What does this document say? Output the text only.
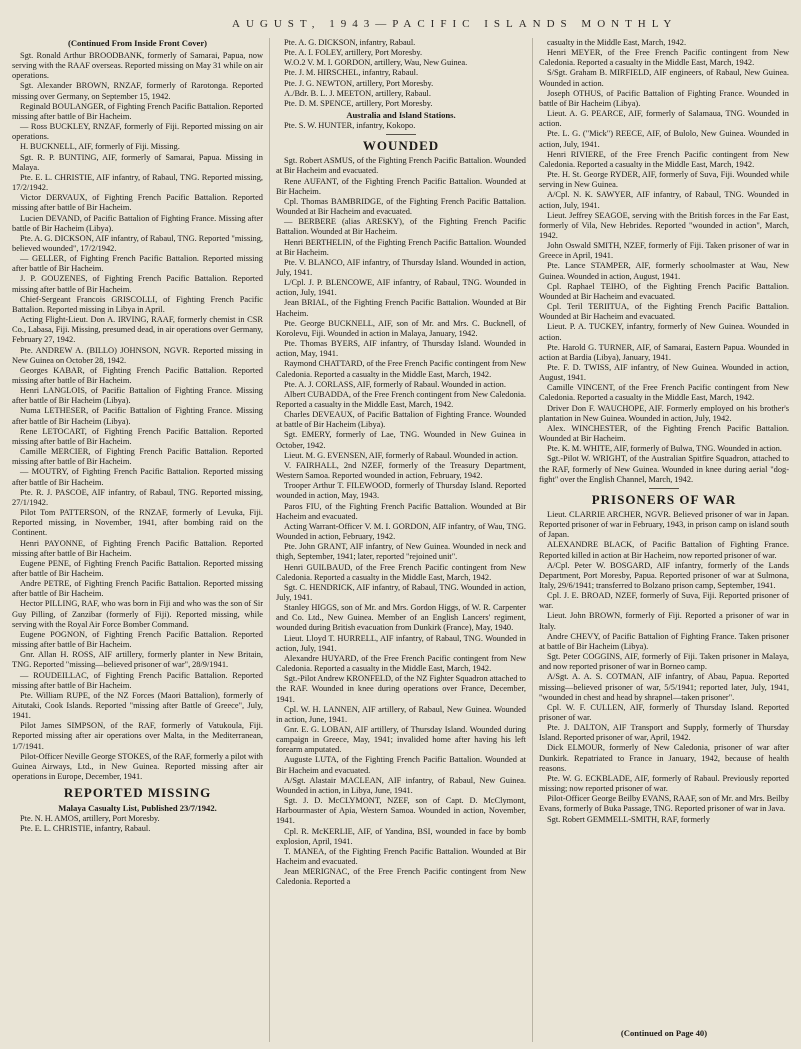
AUGUST, 1943—PACIFIC ISLANDS MONTHLY
(Continued From Inside Front Cover)

Sgt. Ronald Arthur BROODBANK, formerly of Samarai, Papua, now serving with the RAAF overseas. Reported missing on May 31 while on air operations.

Sgt. Alexander BROWN, RNZAF, formerly of Rarotonga. Reported missing over Germany, on September 15, 1942.

Reginald BOULANGER, of Fighting French Pacific Battalion. Reported missing after battle of Bir Hacheim.

— Ross BUCKLEY, RNZAF, formerly of Fiji. Reported missing on air operations.

H. BUCKNELL, AIF, formerly of Fiji. Missing.

Sgt. R. P. BUNTING, AIF, formerly of Samarai, Papua. Missing in Malaya.

Pte. E. L. CHRISTIE, AIF infantry, of Rabaul, TNG. Reported missing, 17/2/1942.

Victor DERVAUX, of Fighting French Pacific Battalion. Reported missing after battle of Bir Hacheim.

Lucien DEVAND, of Pacific Battalion of Fighting France. Missing after battle of Bir Hacheim (Libya).

Pte. A. G. DICKSON, AIF infantry, of Rabaul, TNG. Reported "missing, believed wounded", 17/2/1942.

— GELLER, of Fighting French Pacific Battalion. Reported missing after battle of Bir Hacheim.

J. P. GOUZENES, of Fighting French Pacific Battalion. Reported missing after battle of Bir Hacheim.

Chief-Sergeant Francois GRISCOLLI, of Fighting French Pacific Battalion. Reported missing in Libya in April.

Acting Flight-Lieut. Don A. IRVING, RAAF, formerly chemist in CSR Co., Labasa, Fiji. Missing, presumed dead, in air operations over Germany, February 27, 1942.

Pte. ANDREW A. (BILLO) JOHNSON, NGVR. Reported missing in New Guinea on October 28, 1942.

Georges KABAR, of Fighting French Pacific Battalion. Reported missing after battle of Bir Hacheim.

Henri LANGLOIS, of Pacific Battalion of Fighting France. Missing after battle of Bir Hacheim (Libya).

Numa LETHESER, of Pacific Battalion of Fighting France. Missing after battle of Bir Hacheim (Libya).

Rene LETOCART, of Fighting French Pacific Battalion. Reported missing after battle of Bir Hacheim.

Camille MERCIER, of Fighting French Pacific Battalion. Reported missing after battle of Bir Hacheim.

— MOUTRY, of Fighting French Pacific Battalion. Reported missing after battle of Bir Hacheim.

Pte. R. J. PASCOE, AIF infantry, of Rabaul, TNG. Reported missing, 27/1/1942.

Pilot Tom PATTERSON, of the RNZAF, formerly of Levuka, Fiji. Reported missing, in November, 1941, after bombing raid on the Continent.

Henri PAYONNE, of Fighting French Pacific Battalion. Reported missing after battle of Bir Hacheim.

Eugene PENE, of Fighting French Pacific Battalion. Reported missing after battle of Bir Hacheim.

Andre PETRE, of Fighting French Pacific Battalion. Reported missing after battle of Bir Hacheim.

Hector PILLING, RAF, who was born in Fiji and who was the son of Sir Guy Pilling, of Zanzibar (formerly of Fiji). Reported missing, while serving with the Royal Air Force Bomber Command.

Eugene POGNON, of Fighting French Pacific Battalion. Reported missing after battle of Bir Hacheim.

Gnr. Allan H. ROSS, AIF artillery, formerly planter in New Britain, TNG. Reported "missing—believed prisoner of war", 28/9/1941.

— ROUDEILLAC, of Fighting French Pacific Battalion. Reported missing after battle of Bir Hacheim.

Pte. William RUPE, of the NZ Forces (Maori Battalion), formerly of Aitutaki, Cook Islands. Reported "missing after Battle of Greece", July, 1941.

Pilot James SIMPSON, of the RAF, formerly of Vatukoula, Fiji. Reported missing after air operations over Malta, in the Mediterranean, 1/7/1941.

Pilot-Officer Neville George STOKES, of the RAF, formerly a pilot with Guinea Airways, Ltd., in New Guinea. Reported missing after air operations in Europe, December, 1941.

REPORTED MISSING
Malaya Casualty List, Published 23/7/1942.

Pte. N. H. AMOS, artillery, Port Moresby.

Pte. E. L. CHRISTIE, infantry, Rabaul.

Pte. A. G. DICKSON, infantry, Rabaul.

Pte. A. I. FOLEY, artillery, Port Moresby.

W.O.2 V. M. I. GORDON, artillery, Wau, New Guinea.

Pte. J. M. HIRSCHEL, infantry, Rabaul.

Pte. J. G. NEWTON, artillery, Port Moresby.

A./Bdr. B. L. J. MEETON, artillery, Rabaul.

Pte. D. M. SPENCE, artillery, Port Moresby.

Australia and Island Stations.

Pte. S. W. HUNTER, infantry, Kokopo.

WOUNDED

Sgt. Robert ASMUS, of the Fighting French Pacific Battalion. Wounded at Bir Hacheim and evacuated.

Rene AUFANT, of the Fighting French Pacific Battalion. Wounded at Bir Hacheim.

Cpl. Thomas BAMBRIDGE, of the Fighting French Pacific Battalion. Wounded at Bir Hacheim and evacuated.

— BERBERE (alias ARESKY), of the Fighting French Pacific Battalion. Wounded at Bir Hacheim.

Henri BERTHELIN, of the Fighting French Pacific Battalion. Wounded at Bir Hacheim.

Pte. V. BLANCO, AIF infantry, of Thursday Island. Wounded in action, July, 1941.

L/Cpl. J. P. BLENCOWE, AIF infantry, of Rabaul, TNG. Wounded in action, July, 1941.

Jean BRIAL, of the Fighting French Pacific Battalion. Wounded at Bir Hacheim.

Pte. George BUCKNELL, AIF, son of Mr. and Mrs. C. Bucknell, of Korolevu, Fiji. Wounded in action in Malaya, January, 1942.

Pte. Thomas BYERS, AIF infantry, of Thursday Island. Wounded in action, May, 1941.

Raymond CHATTARD, of the Free French Pacific contingent from New Caledonia. Reported a casualty in the Middle East, March, 1942.

Pte. A. J. CORLASS, AIF, formerly of Rabaul. Wounded in action.

Albert CUBADDA, of the Free French contingent from New Caledonia. Reported a casualty in the Middle East, March, 1942.

Charles DEVEAUX, of Pacific Battalion of Fighting France. Wounded at battle of Bir Hacheim (Libya).

Sgt. EMERY, formerly of Lae, TNG. Wounded in New Guinea in October, 1942.

Lieut. M. G. EVENSEN, AIF, formerly of Rabaul. Wounded in action.

V. FAIRHALL, 2nd NZEF, formerly of the Treasury Department, Western Samoa. Reported wounded in action, February, 1942.

Trooper Arthur T. FILEWOOD, formerly of Thursday Island. Reported wounded in action, May, 1943.

Paros FIU, of the Fighting French Pacific Battalion. Wounded at Bir Hacheim and evacuated.

Acting Warrant-Officer V. M. I. GORDON, AIF infantry, of Wau, TNG. Wounded in action, February, 1942.

Pte. John GRANT, AIF infantry, of New Guinea. Wounded in neck and thigh, September, 1941; later, reported "rejoined unit".

Henri GUILBAUD, of the Free French Pacific contingent from New Caledonia. Reported a casualty in the Middle East, March, 1942.

Sgt. C. HENDRICK, AIF infantry, of Rabaul, TNG. Wounded in action, July, 1941.

Stanley HIGGS, son of Mr. and Mrs. Gordon Higgs, of W. R. Carpenter and Co. Ltd., New Guinea. Member of an English Lancers' regiment, wounded during British evacuation from Dunkirk (France), May, 1940.

Lieut. Lloyd T. HURRELL, AIF infantry, of Rabaul, TNG. Wounded in action, July, 1941.

Alexandre HUYARD, of the Free French Pacific contingent from New Caledonia. Reported a casualty in the Middle East, March, 1942.

Sgt.-Pilot Andrew KRONFELD, of the NZ Fighter Squadron attached to the RAF. Wounded in knee during operations over France, December, 1941.

Cpl. W. H. LANNEN, AIF artillery, of Rabaul, New Guinea. Wounded in action, June, 1941.

Gnr. E. G. LOBAN, AIF artillery, of Thursday Island. Wounded during campaign in Greece, May, 1941; invalided home after having his left forearm amputated.

Auguste LUTA, of the Fighting French Pacific Battalion. Wounded at Bir Hacheim and evacuated.

A/Sgt. Alastair MACLEAN, AIF infantry, of Rabaul, New Guinea. Wounded in action, in Libya, June, 1941.

Sgt. J. D. McCLYMONT, NZEF, son of Capt. D. McClymont, Harbourmaster of Apia, Western Samoa. Wounded in action, November, 1941.

Cpl. R. McKERLIE, AIF, of Yandina, BSI, wounded in face by bomb explosion, April, 1941.

T. MANEA, of the Fighting French Pacific Battalion. Wounded at Bir Hacheim and evacuated.

Jean MERIGNAC, of the Free French Pacific contingent from New Caledonia. Reported a

casualty in the Middle East, March, 1942.

Henri MEYER, of the Free French Pacific contingent from New Caledonia. Reported a casualty in the Middle East, March, 1942.

S/Sgt. Graham B. MIRFIELD, AIF engineers, of Rabaul, New Guinea. Wounded in action.

Joseph OTHUS, of Pacific Battalion of Fighting France. Wounded in battle of Bir Hacheim (Libya).

Lieut. A. G. PEARCE, AIF, formerly of Salamaua, TNG. Wounded in action.

Pte. L. G. ("Mick") REECE, AIF, of Bulolo, New Guinea. Wounded in action, July, 1941.

Henri RIVIERE, of the Free French Pacific contingent from New Caledonia. Reported a casualty in the Middle East, March, 1942.

Pte. H. St. George RYDER, AIF, formerly of Suva, Fiji. Wounded while serving in New Guinea.

A/Cpl. N. K. SAWYER, AIF infantry, of Rabaul, TNG. Wounded in action, July, 1941.

Lieut. Jeffrey SEAGOE, serving with the British forces in the Far East, formerly of Vila, New Hebrides. Reported "wounded in action", March, 1942.

John Oswald SMITH, NZEF, formerly of Fiji. Taken prisoner of war in Greece in April, 1941.

Pte. Lance STAMPER, AIF, formerly schoolmaster at Wau, New Guinea. Wounded in action, August, 1941.

Cpl. Raphael TEIHO, of the Fighting French Pacific Battalion. Wounded at Bir Hacheim and evacuated.

Cpl. Teril TERIITUA, of the Fighting French Pacific Battalion. Wounded at Bir Hacheim and evacuated.

Lieut. P. A. TUCKEY, infantry, formerly of New Guinea. Wounded in action.

Pte. Harold G. TURNER, AIF, of Samarai, Eastern Papua. Wounded in action at Bardia (Libya), January, 1941.

Pte. F. D. TWISS, AIF infantry, of New Guinea. Wounded in action, August, 1941.

Camille VINCENT, of the Free French Pacific contingent from New Caledonia. Reported a casualty in the Middle East, March, 1942.

Driver Don F. WAUCHOPE, AIF. Formerly employed on his brother's plantation in New Guinea. Wounded in action, July, 1942.

Alex. WINCHESTER, of the Fighting French Pacific Battalion. Wounded at Bir Hacheim.

Pte. K. M. WHITE, AIF, formerly of Bulwa, TNG. Wounded in action.

Sgt.-Pilot W. WRIGHT, of the Australian Spitfire Squadron, attached to the RAF, formerly of New Guinea. Wounded in knee during aerial "dog-fight" over the English Channel, March, 1942.

PRISONERS OF WAR

Lieut. CLARRIE ARCHER, NGVR. Believed prisoner of war in Japan. Reported prisoner of war in February, 1943, in prison camp on island south of Japan.

ALEXANDRE BLACK, of Pacific Battalion of Fighting France. Reported killed in action at Bir Hacheim, now reported prisoner of war.

A/Cpl. Peter W. BOSGARD, AIF infantry, formerly of the Lands Department, Port Moresby, Papua. Reported prisoner of war at Sulmona, Italy, 29/6/1941; transferred to Bolzano prison camp, September, 1941.

Cpl. J. E. BROAD, NZEF, formerly of Suva, Fiji. Reported prisoner of war.

Lieut. John BROWN, formerly of Fiji. Reported a prisoner of war in Italy.

Andre CHEVY, of Pacific Battalion of Fighting France. Taken prisoner at battle of Bir Hacheim (Libya).

Sgt. Peter COGGINS, AIF, formerly of Fiji. Taken prisoner in Malaya, and now reported prisoner of war in Borneo camp.

A/Sgt. A. A. S. COTMAN, AIF infantry, of Abau, Papua. Reported missing—believed prisoner of war, 5/5/1941; reported later, July, 1941, "wounded in chest and head by shrapnel—taken prisoner".

Cpl. W. F. CULLEN, AIF, formerly of Thursday Island. Reported prisoner of war.

Pte. J. DALTON, AIF Transport and Supply, formerly of Thursday Island. Reported prisoner of war, April, 1942.

Dick ELMOUR, formerly of New Caledonia, prisoner of war after Dunkirk. Repatriated to France in January, 1942, because of health reasons.

Pte. W. G. ECKBLADE, AIF, formerly of Rabaul. Previously reported missing; now reported prisoner of war.

Pilot-Officer George Beilby EVANS, RAAF, son of Mr. and Mrs. Beilby Evans, formerly of Buka Passage, TNG. Reported prisoner of war in Java.

Sgt. Robert GEMMELL-SMITH, RAF, formerly

(Continued on Page 40)
